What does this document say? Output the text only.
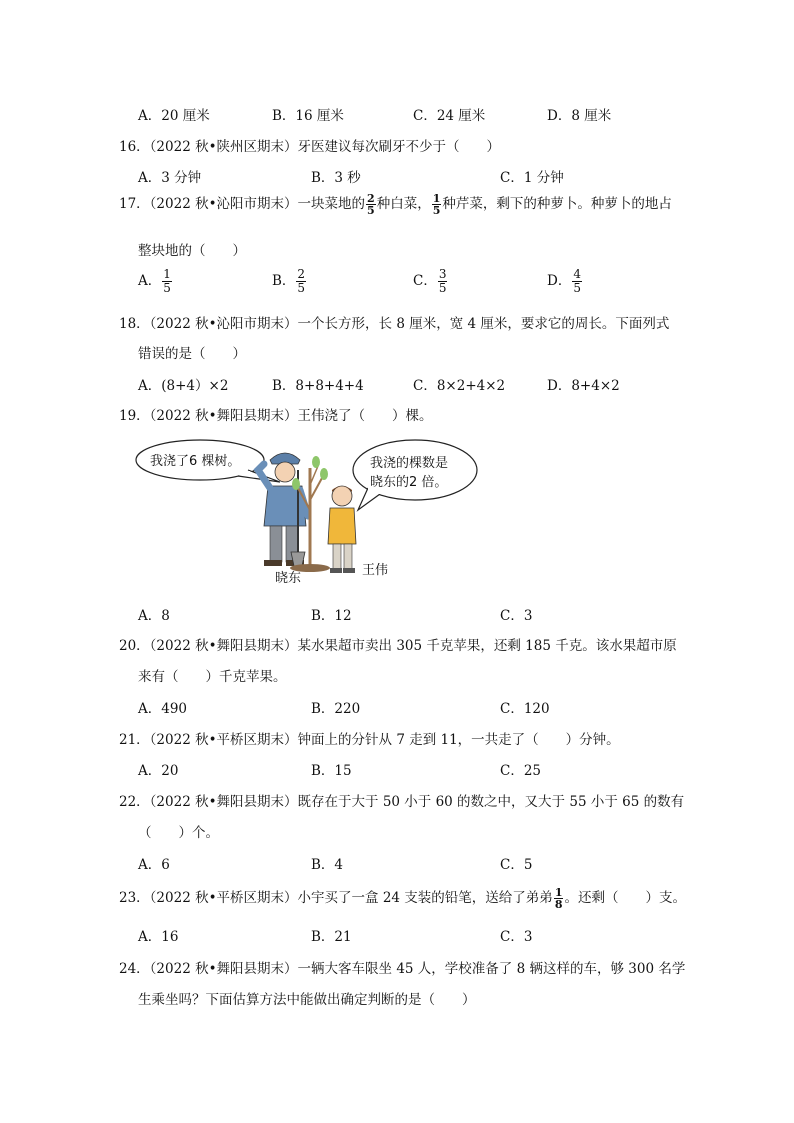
A．20 厘米	B．16 厘米	C．24 厘米	D．8 厘米
16．（2022 秋•陕州区期末）牙医建议每次刷牙不少于（　　）
A．3 分钟	B．3 秒	C．1 分钟
17．（2022 秋•沁阳市期末）一块菜地的 $\frac{2}{5}$ 种白菜， $\frac{1}{5}$ 种芹菜，剩下的种萝卜。种萝卜的地占
整块地的（　　）
A． $\frac{1}{5}$	B． $\frac{2}{5}$	C． $\frac{3}{5}$	D． $\frac{4}{5}$
18．（2022 秋•沁阳市期末）一个长方形，长 8 厘米，宽 4 厘米，要求它的周长。下面列式
错误的是（　　）
A．(8+4）×2	B．8+8+4+4	C．8×2+4×2	D．8+4×2
19．（2022 秋•舞阳县期末）王伟浇了（　　）棵。
我浇了6 棵树。	我浇的棵数是
晓东的2 倍。
晓东
王伟
A．8	B．12	C．3
20．（2022 秋•舞阳县期末）某水果超市卖出 305 千克苹果，还剩 185 千克。该水果超市原
来有（　　）千克苹果。
A．490	B．220	C．120
21．（2022 秋•平桥区期末）钟面上的分针从 7 走到 11，一共走了（　　）分钟。
A．20	B．15	C．25
22．（2022 秋•舞阳县期末）既存在于大于 50 小于 60 的数之中，又大于 55 小于 65 的数有
（　　）个。
A．6	B．4	C．5
23．（2022 秋•平桥区期末）小宇买了一盒 24 支装的铅笔，送给了弟弟 $\frac{1}{8}$ 。还剩（　　）支。
A．16	B．21	C．3
24．（2022 秋•舞阳县期末）一辆大客车限坐 45 人，学校准备了 8 辆这样的车，够 300 名学
生乘坐吗？下面估算方法中能做出确定判断的是（　　）
